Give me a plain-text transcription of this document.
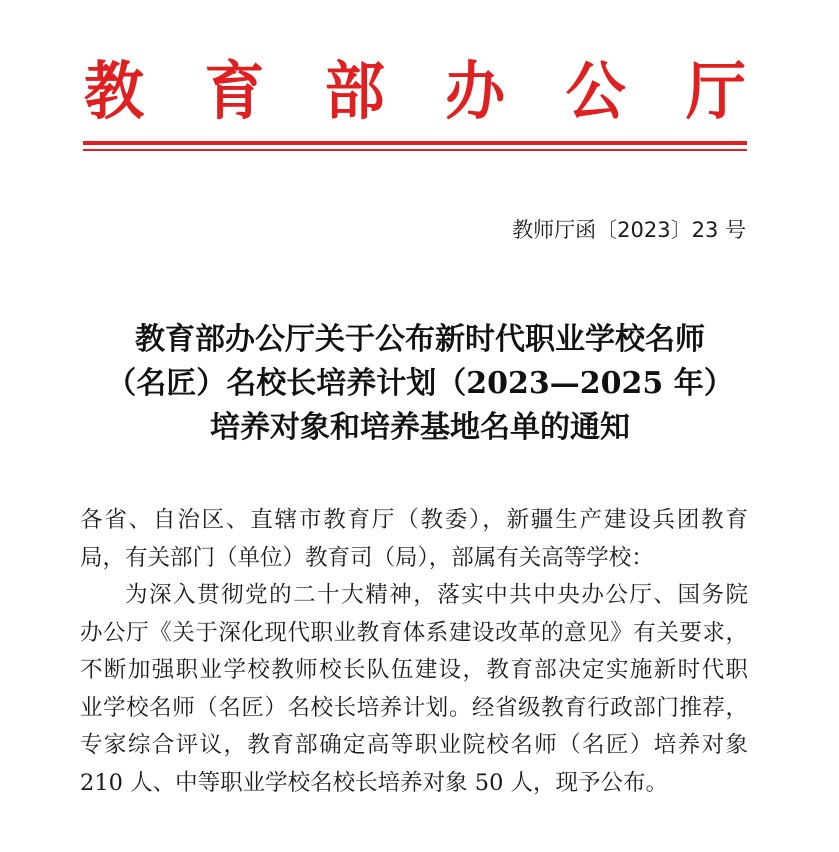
教 育 部 办 公 厅
教师厅函〔2023〕23 号
教育部办公厅关于公布新时代职业学校名师
（名匠）名校长培养计划（2023—2025 年）
培养对象和培养基地名单的通知

各省、自治区、直辖市教育厅（教委），新疆生产建设兵团教育
局，有关部门（单位）教育司（局），部属有关高等学校：

为深入贯彻党的二十大精神，落实中共中央办公厅、国务院
办公厅《关于深化现代职业教育体系建设改革的意见》有关要求，
不断加强职业学校教师校长队伍建设，教育部决定实施新时代职
业学校名师（名匠）名校长培养计划。经省级教育行政部门推荐，
专家综合评议，教育部确定高等职业院校名师（名匠）培养对象
210 人、中等职业学校名校长培养对象 50 人，现予公布。
